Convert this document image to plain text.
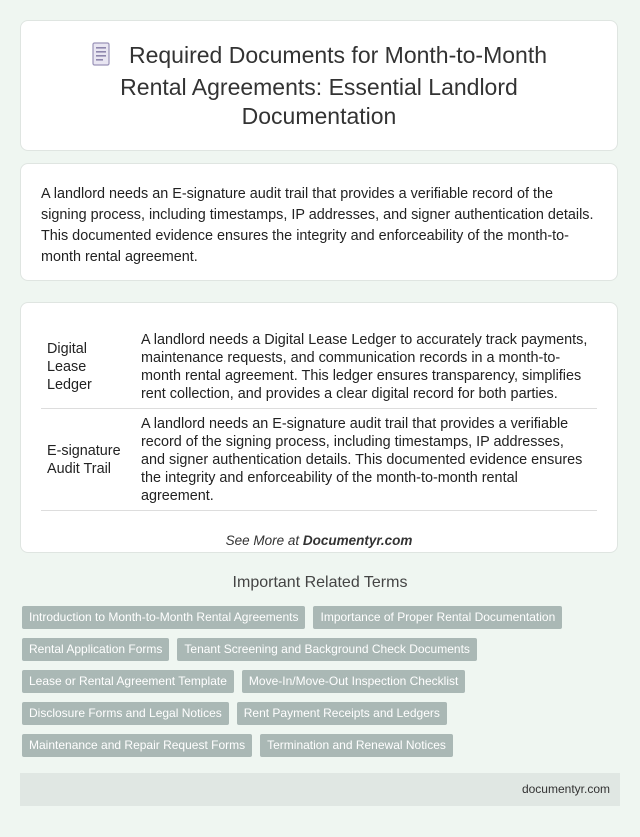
Required Documents for Month-to-Month Rental Agreements: Essential Landlord Documentation

A landlord needs an E-signature audit trail that provides a verifiable record of the signing process, including timestamps, IP addresses, and signer authentication details. This documented evidence ensures the integrity and enforceability of the month-to-month rental agreement.

Digital Lease Ledger	A landlord needs a Digital Lease Ledger to accurately track payments, maintenance requests, and communication records in a month-to-month rental agreement. This ledger ensures transparency, simplifies rent collection, and provides a clear digital record for both parties.
E-signature Audit Trail	A landlord needs an E-signature audit trail that provides a verifiable record of the signing process, including timestamps, IP addresses, and signer authentication details. This documented evidence ensures the integrity and enforceability of the month-to-month rental agreement.
See More at Documentyr.com
Important Related Terms
Introduction to Month-to-Month Rental Agreements	Importance of Proper Rental Documentation
Rental Application Forms	Tenant Screening and Background Check Documents
Lease or Rental Agreement Template	Move-In/Move-Out Inspection Checklist
Disclosure Forms and Legal Notices	Rent Payment Receipts and Ledgers
Maintenance and Repair Request Forms	Termination and Renewal Notices
documentyr.com
